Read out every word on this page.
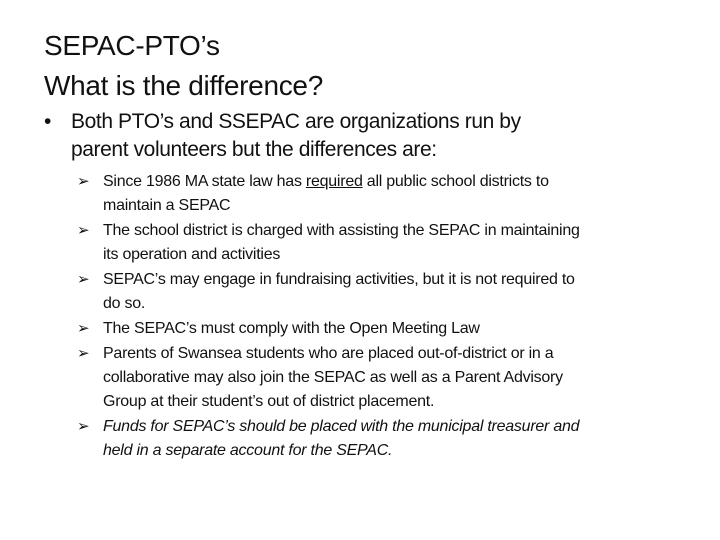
SEPAC-PTO’s
What is the difference?
• Both PTO’s and SSEPAC are organizations run by
parent volunteers but the differences are:
➢ Since 1986 MA state law has required all public school districts to
maintain a SEPAC
➢ The school district is charged with assisting the SEPAC in maintaining
its operation and activities
➢ SEPAC’s may engage in fundraising activities, but it is not required to
do so.
➢ The SEPAC’s must comply with the Open Meeting Law
➢ Parents of Swansea students who are placed out-of-district or in a
collaborative may also join the SEPAC as well as a Parent Advisory
Group at their student’s out of district placement.
➢ Funds for SEPAC’s should be placed with the municipal treasurer and
held in a separate account for the SEPAC.
